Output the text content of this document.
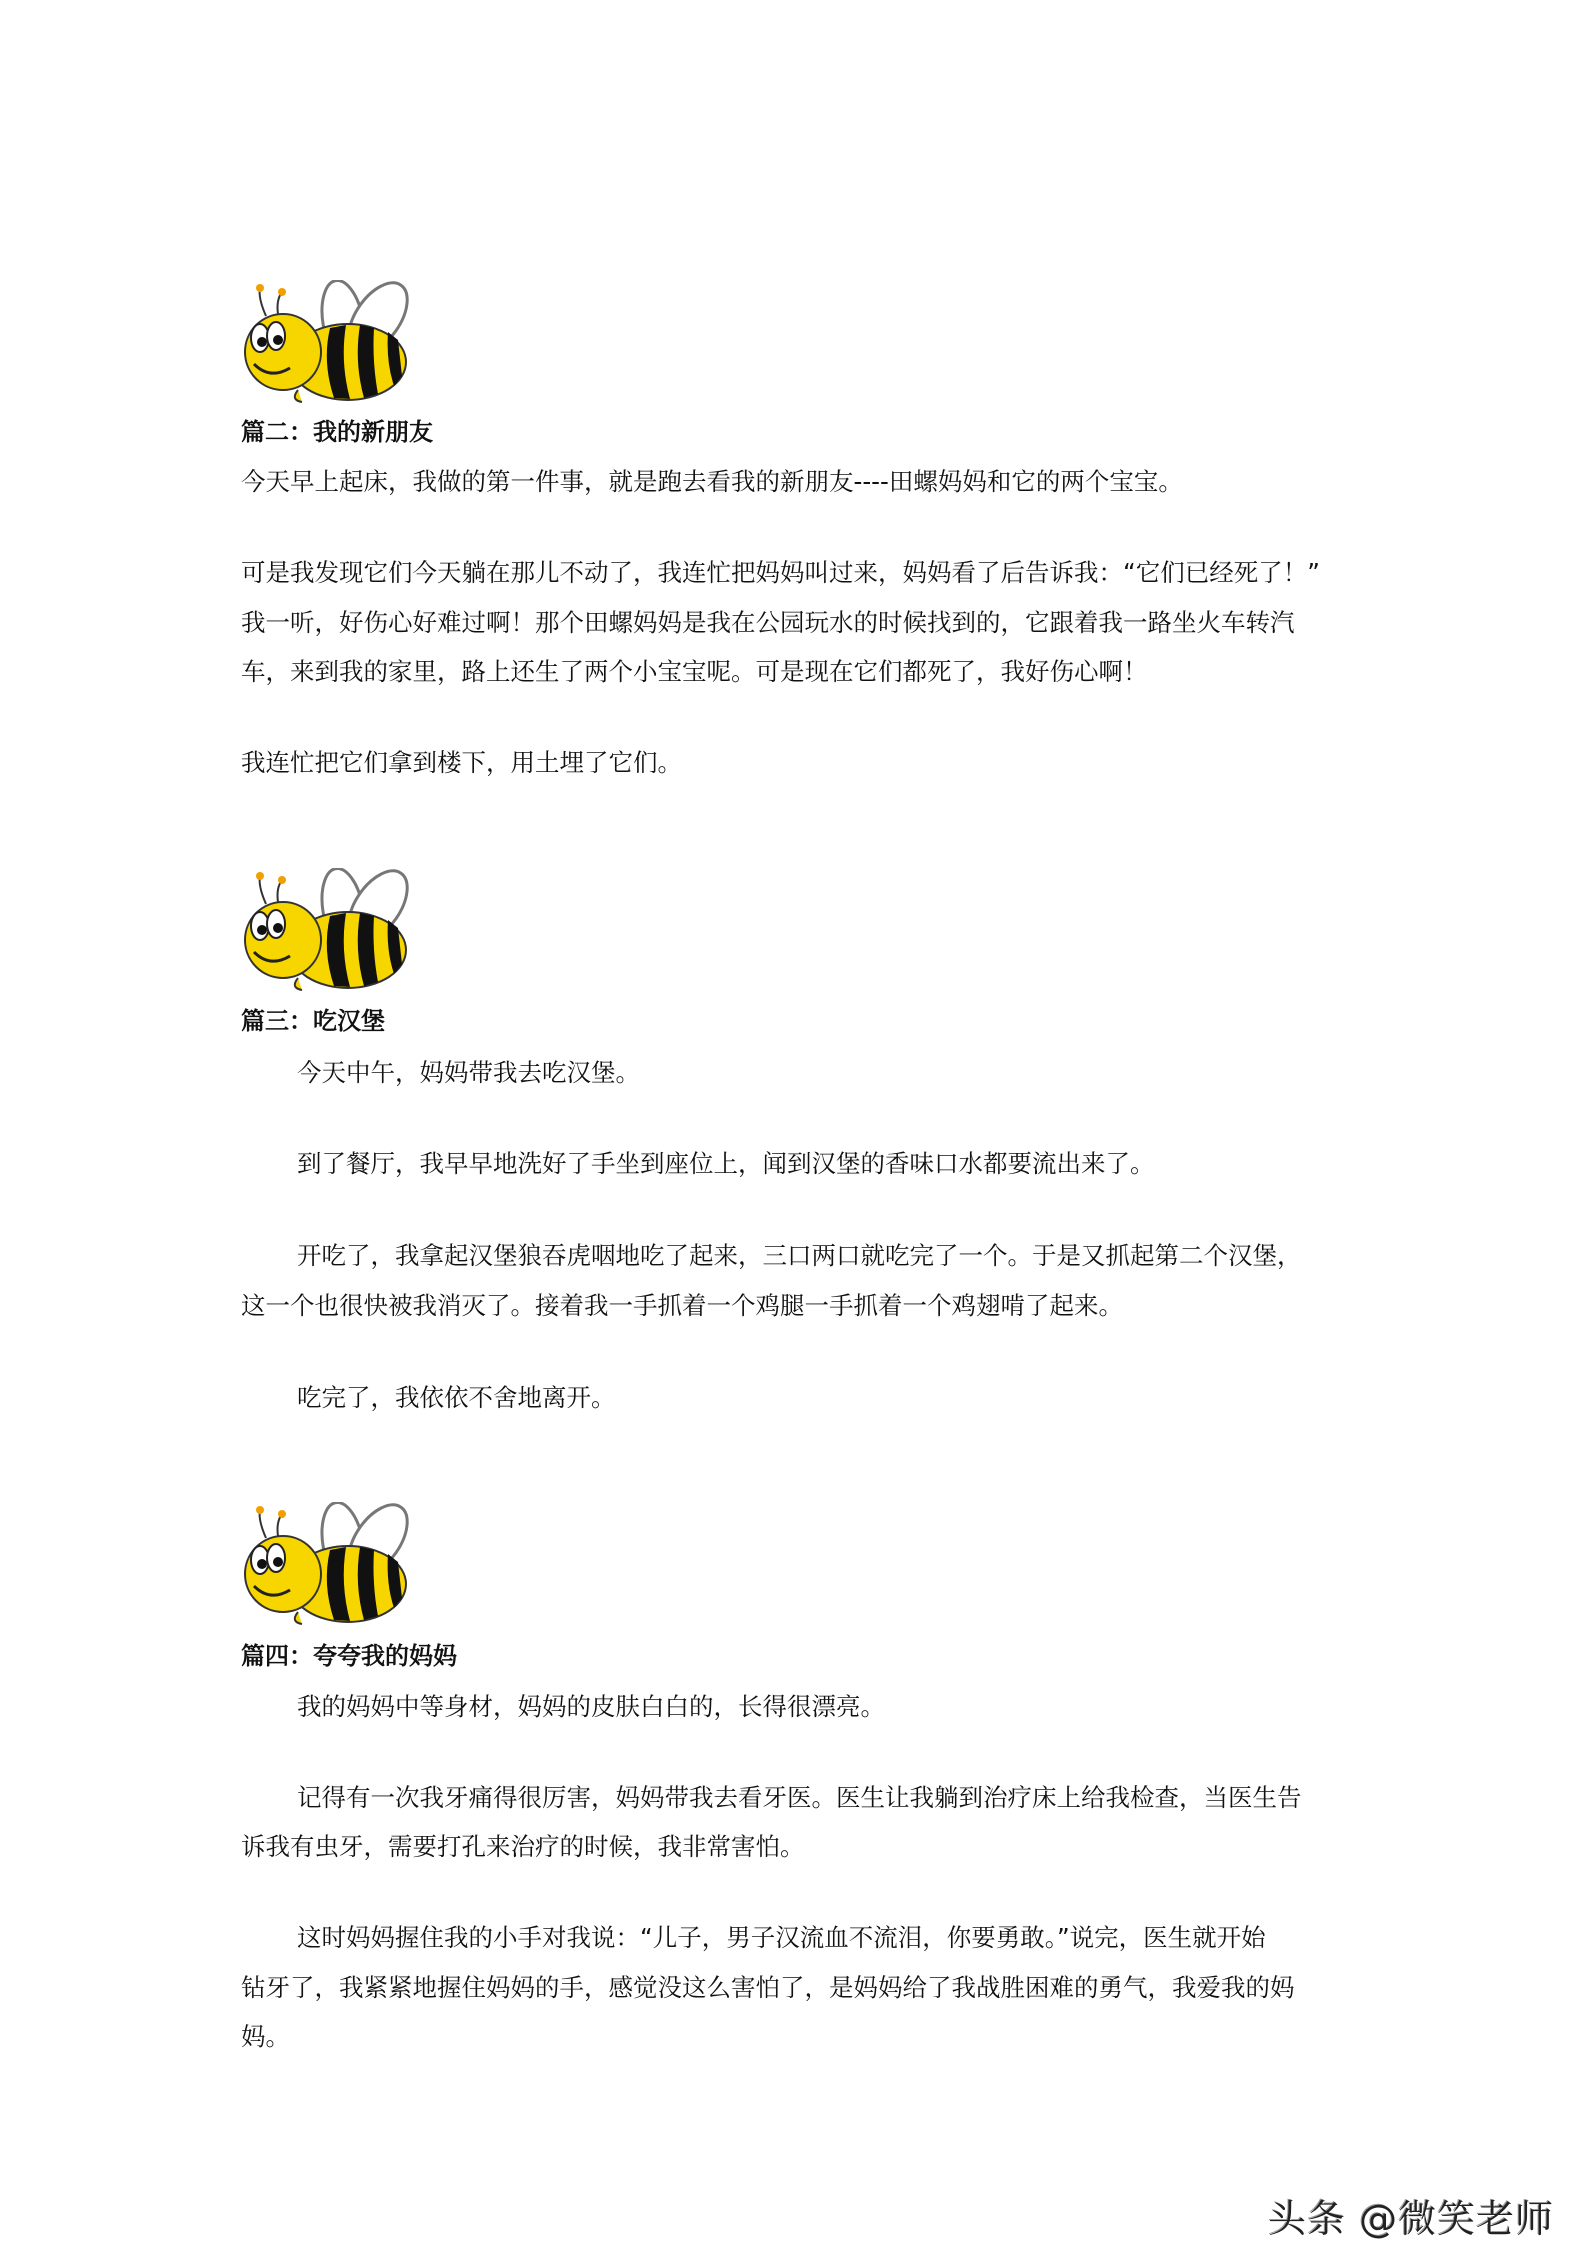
篇二：我的新朋友
今天早上起床，我做的第一件事，就是跑去看我的新朋友----田螺妈妈和它的两个宝宝。
可是我发现它们今天躺在那儿不动了，我连忙把妈妈叫过来，妈妈看了后告诉我：“它们已经死了！”
我一听，好伤心好难过啊！那个田螺妈妈是我在公园玩水的时候找到的，它跟着我一路坐火车转汽
车，来到我的家里，路上还生了两个小宝宝呢。可是现在它们都死了，我好伤心啊！
我连忙把它们拿到楼下，用土埋了它们。
篇三：吃汉堡
今天中午，妈妈带我去吃汉堡。
到了餐厅，我早早地洗好了手坐到座位上，闻到汉堡的香味口水都要流出来了。
开吃了，我拿起汉堡狼吞虎咽地吃了起来，三口两口就吃完了一个。于是又抓起第二个汉堡，
这一个也很快被我消灭了。接着我一手抓着一个鸡腿一手抓着一个鸡翅啃了起来。
吃完了，我依依不舍地离开。
篇四：夸夸我的妈妈
我的妈妈中等身材，妈妈的皮肤白白的，长得很漂亮。
记得有一次我牙痛得很厉害，妈妈带我去看牙医。医生让我躺到治疗床上给我检查，当医生告
诉我有虫牙，需要打孔来治疗的时候，我非常害怕。
这时妈妈握住我的小手对我说：“儿子，男子汉流血不流泪，你要勇敢。”说完，医生就开始
钻牙了，我紧紧地握住妈妈的手，感觉没这么害怕了，是妈妈给了我战胜困难的勇气，我爱我的妈
妈。
头条 @微笑老师
